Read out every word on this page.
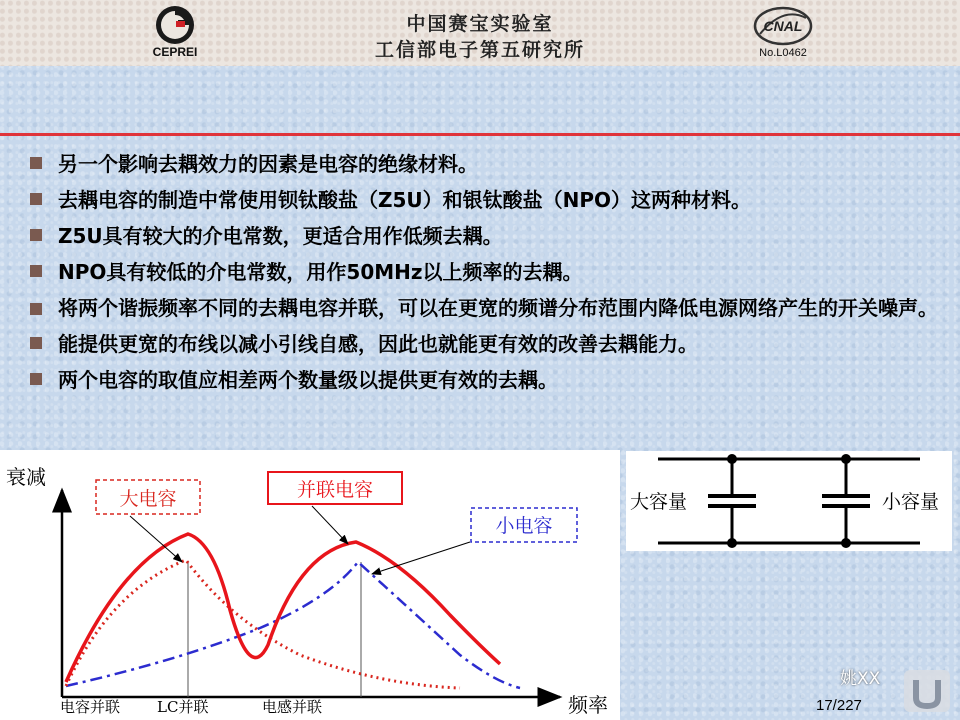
CEPREI
中国赛宝实验室
工信部电子第五研究所
CNAL
No.L0462
另一个影响去耦效力的因素是电容的绝缘材料。
去耦电容的制造中常使用钡钛酸盐（Z5U）和银钛酸盐（NPO）这两种材料。
Z5U具有较大的介电常数，更适合用作低频去耦。
NPO具有较低的介电常数，用作50MHz以上频率的去耦。
将两个谐振频率不同的去耦电容并联，可以在更宽的频谱分布范围内降低电源网络产生的开关噪声。
能提供更宽的布线以减小引线自感，因此也就能更有效的改善去耦能力。
两个电容的取值应相差两个数量级以提供更有效的去耦。
大电容	并联电容
小电容
衰减
频率
电容并联 LC并联	电感并联
大容量	小容量
姚XX
17/227
